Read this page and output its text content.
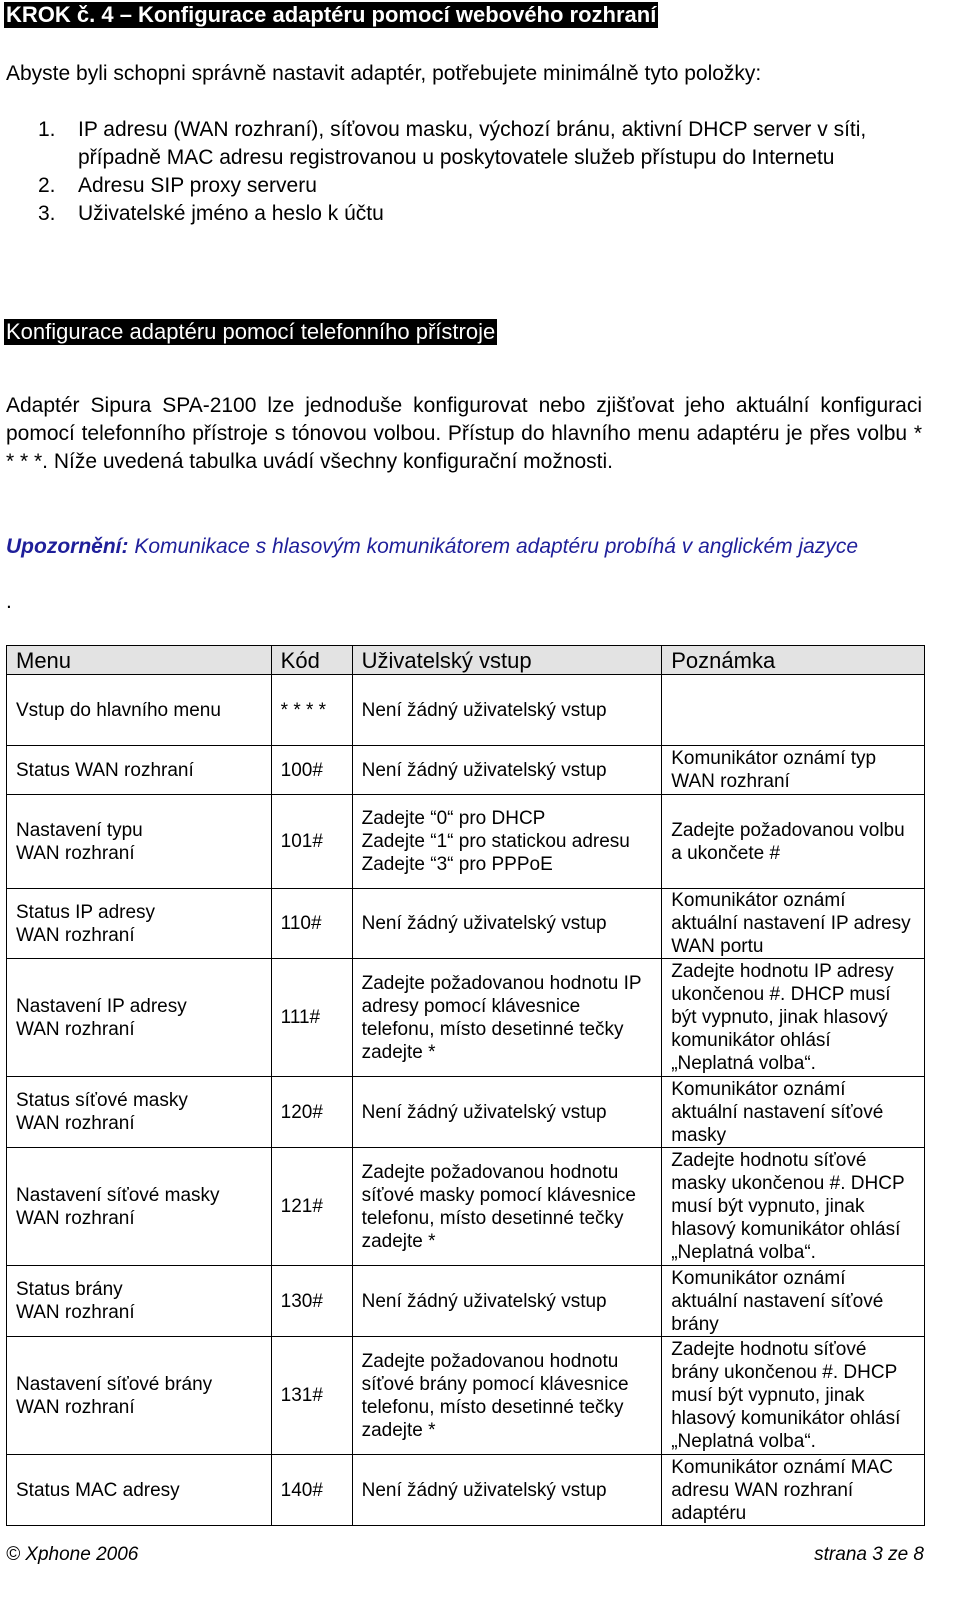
KROK č. 4 – Konfigurace adaptéru pomocí webového rozhraní

Abyste byli schopni správně nastavit adaptér, potřebujete minimálně tyto položky:

1. IP adresu (WAN rozhraní), síťovou masku, výchozí bránu, aktivní DHCP server v síti, případně MAC adresu registrovanou u poskytovatele služeb přístupu do Internetu
2. Adresu SIP proxy serveru
3. Uživatelské jméno a heslo k účtu
Konfigurace adaptéru pomocí telefonního přístroje

Adaptér Sipura SPA-2100 lze jednoduše konfigurovat nebo zjišťovat jeho aktuální konfiguraci pomocí telefonního přístroje s tónovou volbou. Přístup do hlavního menu adaptéru je přes volbu * * * *. Níže uvedená tabulka uvádí všechny konfigurační možnosti.

Upozornění: Komunikace s hlasovým komunikátorem adaptéru probíhá v anglickém jazyce

.
Menu	Kód	Uživatelský vstup	Poznámka
Vstup do hlavního menu	* * * *	Není žádný uživatelský vstup	
Status WAN rozhraní	100#	Není žádný uživatelský vstup	Komunikátor oznámí typ WAN rozhraní
Nastavení typu
WAN rozhraní	101#	Zadejte “0“ pro DHCP
Zadejte “1“ pro statickou adresu
Zadejte “3“ pro PPPoE	Zadejte požadovanou volbu a ukončete #
Status IP adresy
WAN rozhraní	110#	Není žádný uživatelský vstup	Komunikátor oznámí aktuální nastavení IP adresy WAN portu
Nastavení IP adresy
WAN rozhraní	111#	Zadejte požadovanou hodnotu IP adresy pomocí klávesnice telefonu, místo desetinné tečky zadejte *	Zadejte hodnotu IP adresy ukončenou #. DHCP musí být vypnuto, jinak hlasový komunikátor ohlásí „Neplatná volba“.
Status síťové masky
WAN rozhraní	120#	Není žádný uživatelský vstup	Komunikátor oznámí aktuální nastavení síťové masky
Nastavení síťové masky
WAN rozhraní	121#	Zadejte požadovanou hodnotu síťové masky pomocí klávesnice telefonu, místo desetinné tečky zadejte *	Zadejte hodnotu síťové masky ukončenou #. DHCP musí být vypnuto, jinak hlasový komunikátor ohlásí „Neplatná volba“.
Status brány
WAN rozhraní	130#	Není žádný uživatelský vstup	Komunikátor oznámí aktuální nastavení síťové brány
Nastavení síťové brány
WAN rozhraní	131#	Zadejte požadovanou hodnotu síťové brány pomocí klávesnice telefonu, místo desetinné tečky zadejte *	Zadejte hodnotu síťové brány ukončenou #. DHCP musí být vypnuto, jinak hlasový komunikátor ohlásí „Neplatná volba“.
Status MAC adresy	140#	Není žádný uživatelský vstup	Komunikátor oznámí MAC adresu WAN rozhraní adaptéru
© Xphone 2006	strana 3 ze 8
